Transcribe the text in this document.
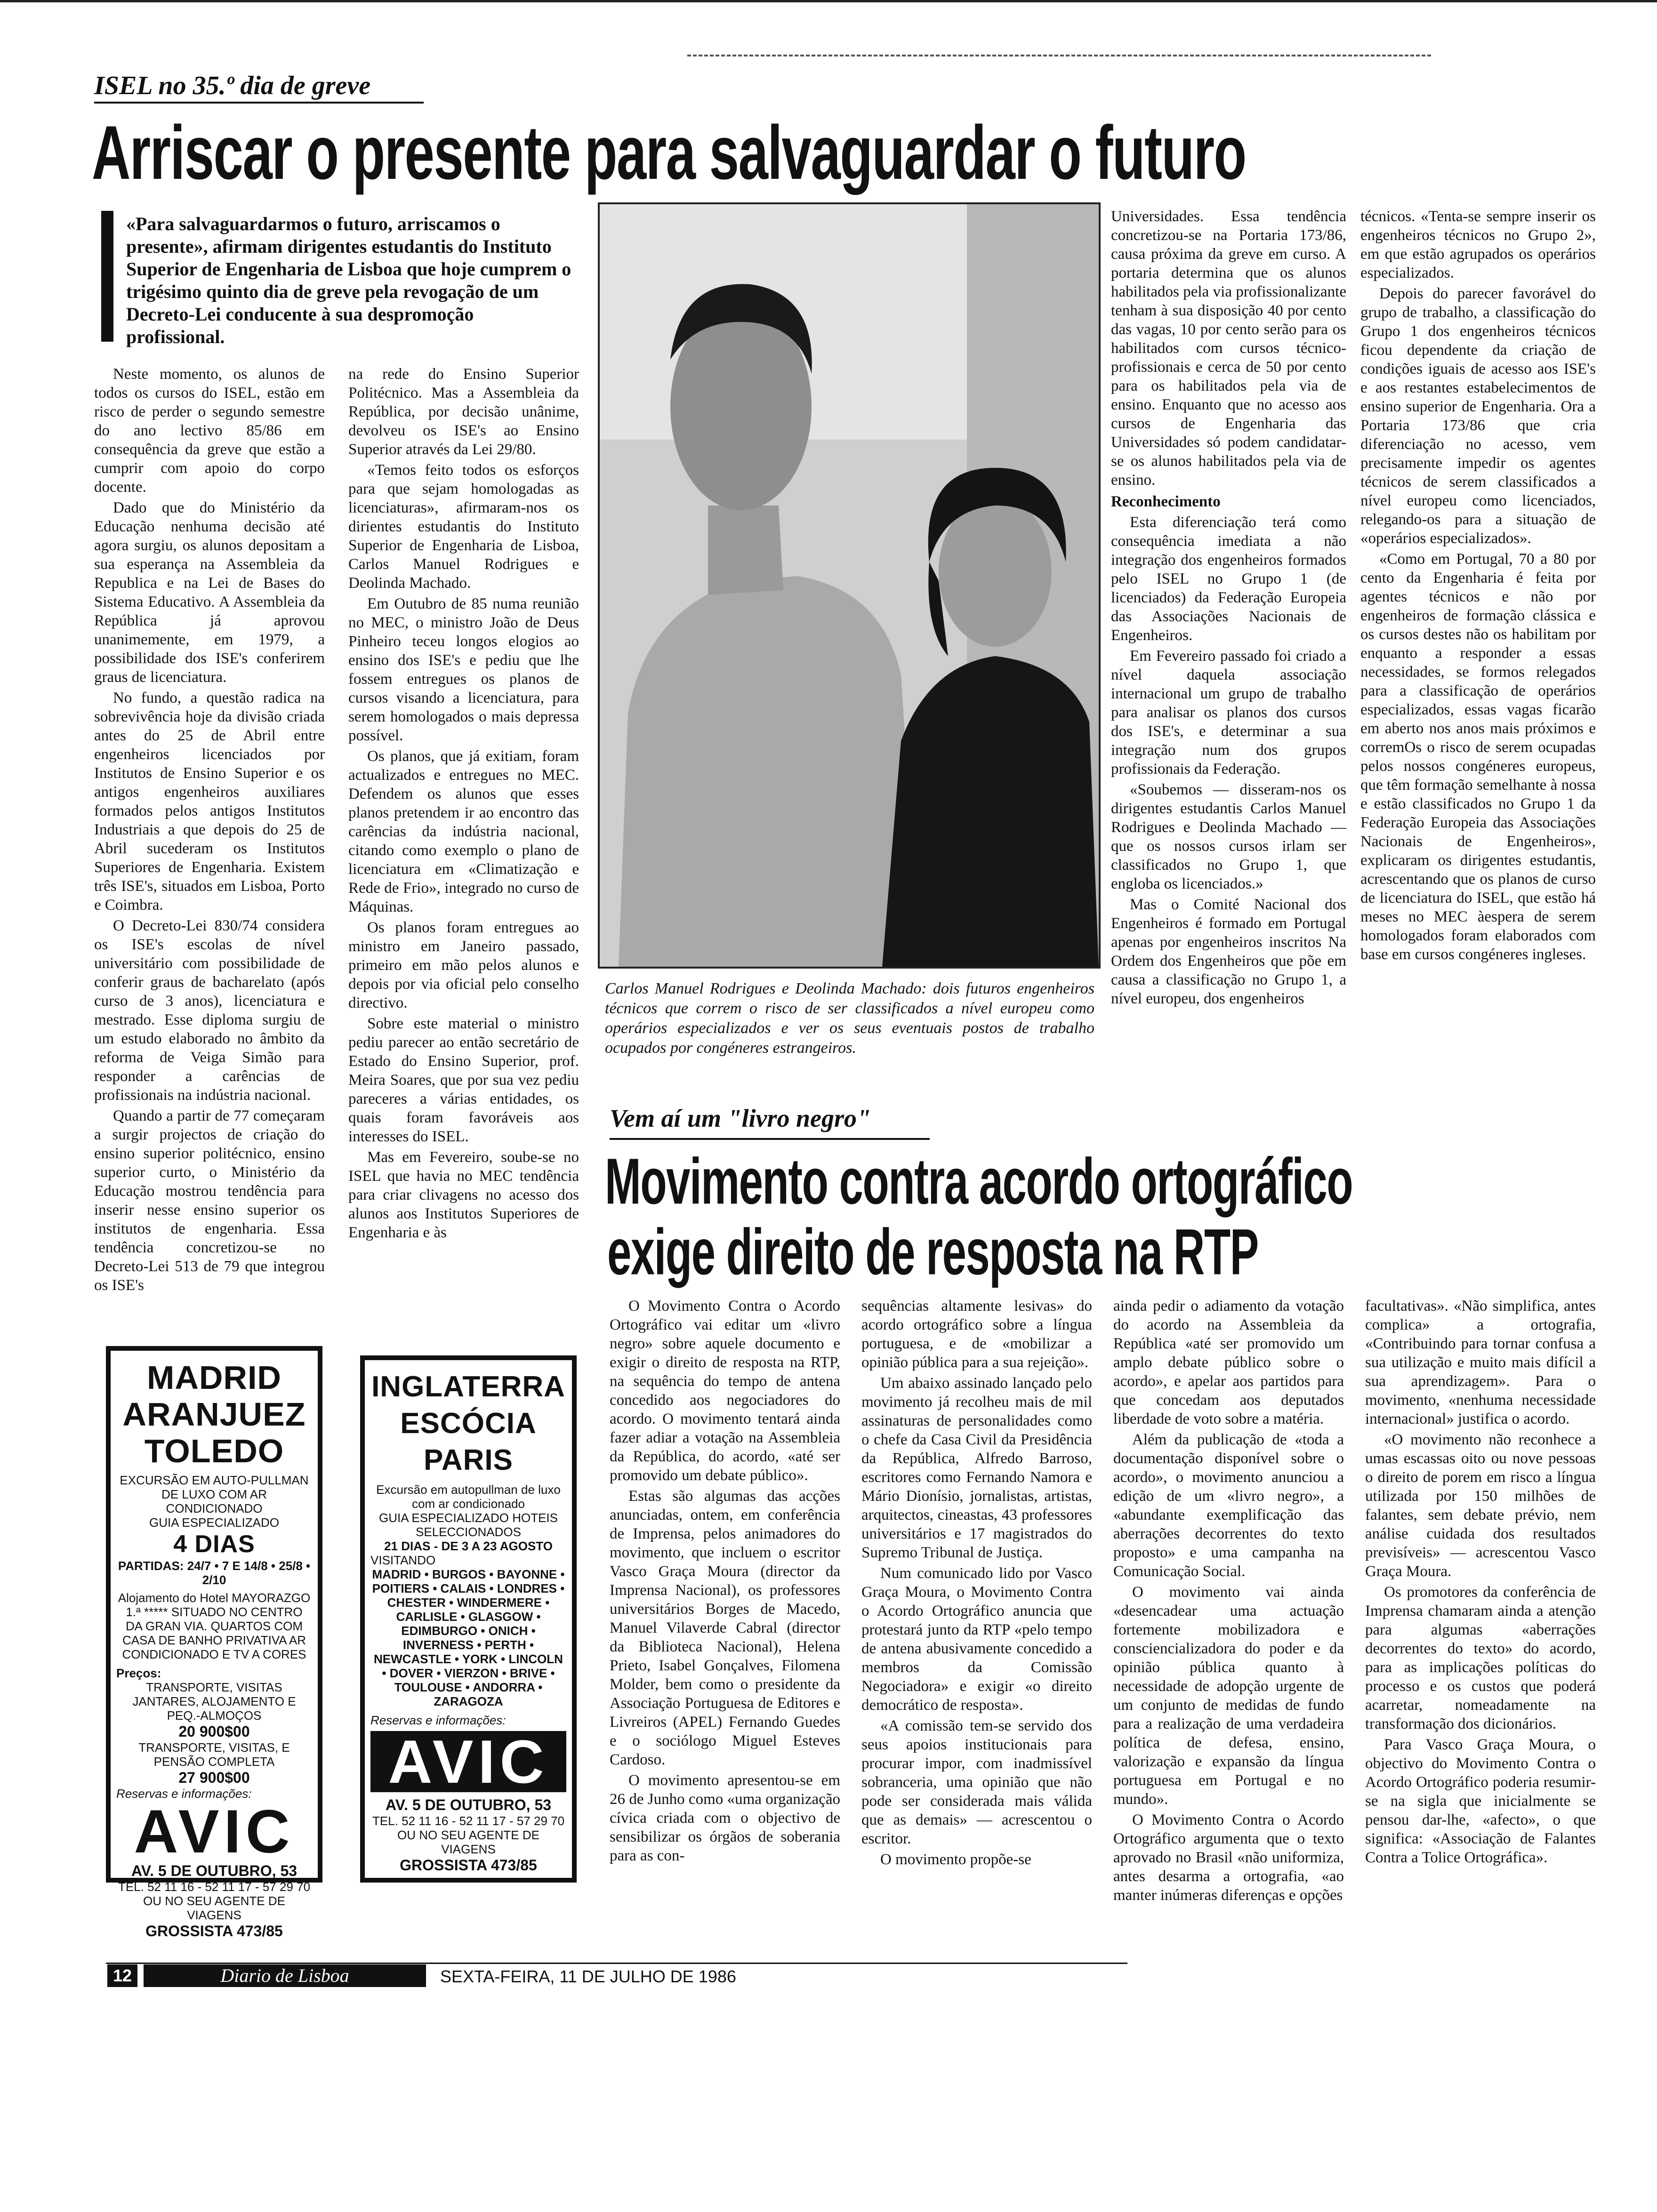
ISEL no 35.º dia de greve
Arriscar o presente para salvaguardar o futuro
«Para salvaguardarmos o futuro, arriscamos o presente», afirmam dirigentes estudantis do Instituto Superior de Engenharia de Lisboa que hoje cumprem o trigésimo quinto dia de greve pela revogação de um Decreto-Lei conducente à sua despromoção profissional.

Neste momento, os alunos de todos os cursos do ISEL, estão em risco de perder o segundo semestre do ano lectivo 85/86 em consequência da greve que estão a cumprir com apoio do corpo docente.

Dado que do Ministério da Educação nenhuma decisão até agora surgiu, os alunos depositam a sua esperança na Assembleia da Republica e na Lei de Bases do Sistema Educativo. A Assembleia da República já aprovou unanimemente, em 1979, a possibilidade dos ISE's conferirem graus de licenciatura.

No fundo, a questão radica na sobrevivência hoje da divisão criada antes do 25 de Abril entre engenheiros licenciados por Institutos de Ensino Superior e os antigos engenheiros auxiliares formados pelos antigos Institutos Industriais a que depois do 25 de Abril sucederam os Institutos Superiores de Engenharia. Existem três ISE's, situados em Lisboa, Porto e Coimbra.

O Decreto-Lei 830/74 considera os ISE's escolas de nível universitário com possibilidade de conferir graus de bacharelato (após curso de 3 anos), licenciatura e mestrado. Esse diploma surgiu de um estudo elaborado no âmbito da reforma de Veiga Simão para responder a carências de profissionais na indústria nacional.

Quando a partir de 77 começaram a surgir projectos de criação do ensino superior politécnico, ensino superior curto, o Ministério da Educação mostrou tendência para inserir nesse ensino superior os institutos de engenharia. Essa tendência concretizou-se no Decreto-Lei 513 de 79 que integrou os ISE's

na rede do Ensino Superior Politécnico. Mas a Assembleia da República, por decisão unânime, devolveu os ISE's ao Ensino Superior através da Lei 29/80.

«Temos feito todos os esforços para que sejam homologadas as licenciaturas», afirmaram-nos os dirientes estudantis do Instituto Superior de Engenharia de Lisboa, Carlos Manuel Rodrigues e Deolinda Machado.

Em Outubro de 85 numa reunião no MEC, o ministro João de Deus Pinheiro teceu longos elogios ao ensino dos ISE's e pediu que lhe fossem entregues os planos de cursos visando a licenciatura, para serem homologados o mais depressa possível.

Os planos, que já exitiam, foram actualizados e entregues no MEC. Defendem os alunos que esses planos pretendem ir ao encontro das carências da indústria nacional, citando como exemplo o plano de licenciatura em «Climatização e Rede de Frio», integrado no curso de Máquinas.

Os planos foram entregues ao ministro em Janeiro passado, primeiro em mão pelos alunos e depois por via oficial pelo conselho directivo.

Sobre este material o ministro pediu parecer ao então secretário de Estado do Ensino Superior, prof. Meira Soares, que por sua vez pediu pareceres a várias entidades, os quais foram favoráveis aos interesses do ISEL.

Mas em Fevereiro, soube-se no ISEL que havia no MEC tendência para criar clivagens no acesso dos alunos aos Institutos Superiores de Engenharia e às

Carlos Manuel Rodrigues e Deolinda Machado: dois futuros engenheiros técnicos que correm o risco de ser classificados a nível europeu como operários especializados e ver os seus eventuais postos de trabalho ocupados por congéneres estrangeiros.

Universidades. Essa tendência concretizou-se na Portaria 173/86, causa próxima da greve em curso. A portaria determina que os alunos habilitados pela via profissionalizante tenham à sua disposição 40 por cento das vagas, 10 por cento serão para os habilitados com cursos técnico-profissionais e cerca de 50 por cento para os habilitados pela via de ensino. Enquanto que no acesso aos cursos de Engenharia das Universidades só podem candidatar-se os alunos habilitados pela via de ensino.

Reconhecimento

Esta diferenciação terá como consequência imediata a não integração dos engenheiros formados pelo ISEL no Grupo 1 (de licenciados) da Federação Europeia das Associações Nacionais de Engenheiros.

Em Fevereiro passado foi criado a nível daquela associação internacional um grupo de trabalho para analisar os planos dos cursos dos ISE's, e determinar a sua integração num dos grupos profissionais da Federação.

«Soubemos — disseram-nos os dirigentes estudantis Carlos Manuel Rodrigues e Deolinda Machado — que os nossos cursos irlam ser classificados no Grupo 1, que engloba os licenciados.»

Mas o Comité Nacional dos Engenheiros é formado em Portugal apenas por engenheiros inscritos Na Ordem dos Engenheiros que põe em causa a classificação no Grupo 1, a nível europeu, dos engenheiros

técnicos. «Tenta-se sempre inserir os engenheiros técnicos no Grupo 2», em que estão agrupados os operários especializados.

Depois do parecer favorável do grupo de trabalho, a classificação do Grupo 1 dos engenheiros técnicos ficou dependente da criação de condições iguais de acesso aos ISE's e aos restantes estabelecimentos de ensino superior de Engenharia. Ora a Portaria 173/86 que cria diferenciação no acesso, vem precisamente impedir os agentes técnicos de serem classificados a nível europeu como licenciados, relegando-os para a situação de «operários especializados».

«Como em Portugal, 70 a 80 por cento da Engenharia é feita por agentes técnicos e não por engenheiros de formação clássica e os cursos destes não os habilitam por enquanto a responder a essas necessidades, se formos relegados para a classificação de operários especializados, essas vagas ficarão em aberto nos anos mais próximos e corremOs o risco de serem ocupadas pelos nossos congéneres europeus, que têm formação semelhante à nossa e estão classificados no Grupo 1 da Federação Europeia das Associações Nacionais de Engenheiros», explicaram os dirigentes estudantis, acrescentando que os planos de curso de licenciatura do ISEL, que estão há meses no MEC àespera de serem homologados foram elaborados com base em cursos congéneres ingleses.

Vem aí um "livro negro"
Movimento contra acordo ortográfico
exige direito de resposta na RTP

O Movimento Contra o Acordo Ortográfico vai editar um «livro negro» sobre aquele documento e exigir o direito de resposta na RTP, na sequência do tempo de antena concedido aos negociadores do acordo. O movimento tentará ainda fazer adiar a votação na Assembleia da República, do acordo, «até ser promovido um debate público».

Estas são algumas das acções anunciadas, ontem, em conferência de Imprensa, pelos animadores do movimento, que incluem o escritor Vasco Graça Moura (director da Imprensa Nacional), os professores universitários Borges de Macedo, Manuel Vilaverde Cabral (director da Biblioteca Nacional), Helena Prieto, Isabel Gonçalves, Filomena Molder, bem como o presidente da Associação Portuguesa de Editores e Livreiros (APEL) Fernando Guedes e o sociólogo Miguel Esteves Cardoso.

O movimento apresentou-se em 26 de Junho como «uma organização cívica criada com o objectivo de sensibilizar os órgãos de soberania para as con-

sequências altamente lesivas» do acordo ortográfico sobre a língua portuguesa, e de «mobilizar a opinião pública para a sua rejeição».

Um abaixo assinado lançado pelo movimento já recolheu mais de mil assinaturas de personalidades como o chefe da Casa Civil da Presidência da República, Alfredo Barroso, escritores como Fernando Namora e Mário Dionísio, jornalistas, artistas, arquitectos, cineastas, 43 professores universitários e 17 magistrados do Supremo Tribunal de Justiça.

Num comunicado lido por Vasco Graça Moura, o Movimento Contra o Acordo Ortográfico anuncia que protestará junto da RTP «pelo tempo de antena abusivamente concedido a membros da Comissão Negociadora» e exigir «o direito democrático de resposta».

«A comissão tem-se servido dos seus apoios institucionais para procurar impor, com inadmissível sobranceria, uma opinião que não pode ser considerada mais válida que as demais» — acrescentou o escritor.

O movimento propõe-se

ainda pedir o adiamento da votação do acordo na Assembleia da República «até ser promovido um amplo debate público sobre o acordo», e apelar aos partidos para que concedam aos deputados liberdade de voto sobre a matéria.

Além da publicação de «toda a documentação disponível sobre o acordo», o movimento anunciou a edição de um «livro negro», a «abundante exemplificação das aberrações decorrentes do texto proposto» e uma campanha na Comunicação Social.

O movimento vai ainda «desencadear uma actuação fortemente mobilizadora e consciencializadora do poder e da opinião pública quanto à necessidade de adopção urgente de um conjunto de medidas de fundo para a realização de uma verdadeira política de defesa, ensino, valorização e expansão da língua portuguesa em Portugal e no mundo».

O Movimento Contra o Acordo Ortográfico argumenta que o texto aprovado no Brasil «não uniformiza, antes desarma a ortografia, «ao manter inúmeras diferenças e opções

facultativas». «Não simplifica, antes complica» a ortografia, «Contribuindo para tornar confusa a sua utilização e muito mais difícil a sua aprendizagem». Para o movimento, «nenhuma necessidade internacional» justifica o acordo.

«O movimento não reconhece a umas escassas oito ou nove pessoas o direito de porem em risco a língua utilizada por 150 milhões de falantes, sem debate prévio, nem análise cuidada dos resultados previsíveis» — acrescentou Vasco Graça Moura.

Os promotores da conferência de Imprensa chamaram ainda a atenção para algumas «aberrações decorrentes do texto» do acordo, para as implicações políticas do processo e os custos que poderá acarretar, nomeadamente na transformação dos dicionários.

Para Vasco Graça Moura, o objectivo do Movimento Contra o Acordo Ortográfico poderia resumir-se na sigla que inicialmente se pensou dar-lhe, «afecto», o que significa: «Associação de Falantes Contra a Tolice Ortográfica».

MADRID
ARANJUEZ
TOLEDO
EXCURSÃO EM AUTO-PULLMAN DE LUXO COM AR CONDICIONADO
GUIA ESPECIALIZADO
4 DIAS
PARTIDAS: 24/7 • 7 E 14/8 • 25/8 • 2/10
Alojamento do Hotel MAYORAZGO 1.ª ***** SITUADO NO CENTRO DA GRAN VIA. QUARTOS COM CASA DE BANHO PRIVATIVA AR CONDICIONADO E TV A CORES
Preços:
TRANSPORTE, VISITAS JANTARES, ALOJAMENTO E PEQ.-ALMOÇOS
20 900$00
TRANSPORTE, VISITAS, E PENSÃO COMPLETA
27 900$00
Reservas e informações:
AVIC
AV. 5 DE OUTUBRO, 53
TEL. 52 11 16 - 52 11 17 - 57 29 70
OU NO SEU AGENTE DE VIAGENS
GROSSISTA 473/85
INGLATERRA
ESCÓCIA
PARIS
Excursão em autopullman de luxo com ar condicionado
GUIA ESPECIALIZADO HOTEIS SELECCIONADOS
21 DIAS - DE 3 A 23 AGOSTO
VISITANDO
MADRID • BURGOS • BAYONNE • POITIERS • CALAIS • LONDRES • CHESTER • WINDERMERE • CARLISLE • GLASGOW • EDIMBURGO • ONICH • INVERNESS • PERTH • NEWCASTLE • YORK • LINCOLN • DOVER • VIERZON • BRIVE • TOULOUSE • ANDORRA • ZARAGOZA
Reservas e informações:
AVIC
AV. 5 DE OUTUBRO, 53
TEL. 52 11 16 - 52 11 17 - 57 29 70
OU NO SEU AGENTE DE VIAGENS
GROSSISTA 473/85
12	Diario de Lisboa	SEXTA-FEIRA, 11 DE JULHO DE 1986
